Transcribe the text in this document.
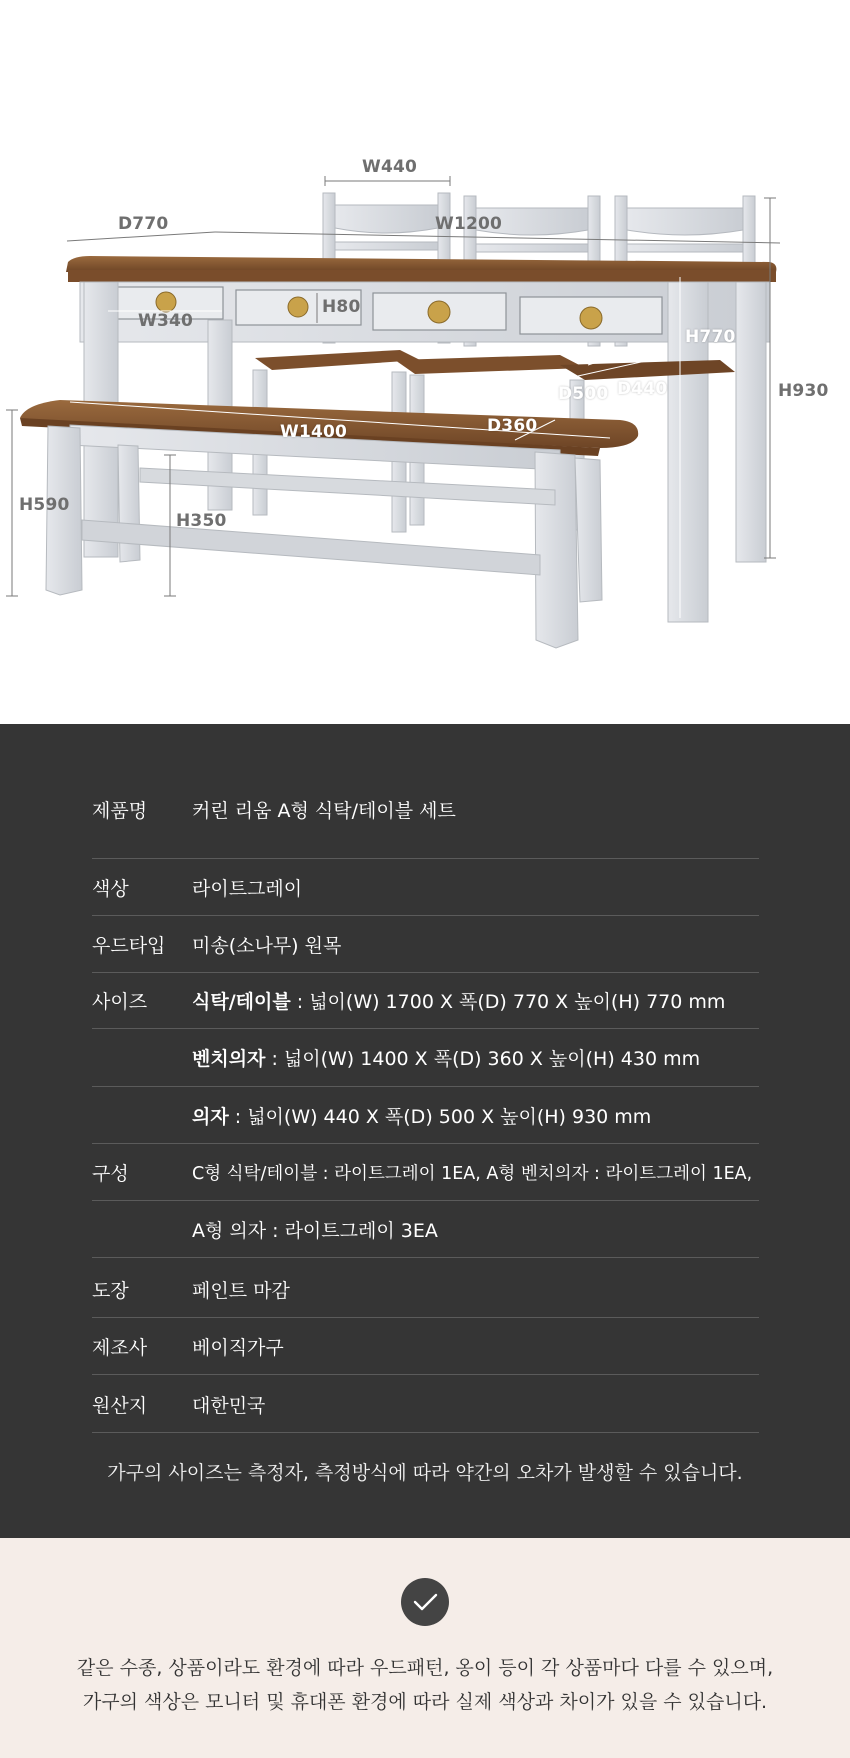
W440
D770	W1200
W340
H80
H770
D500 D440	H930
D360
W1400
H590
H350
제품명 커린 리움 A형 식탁/테이블 세트
색상	라이트그레이
우드타입 미송(소나무) 원목
사이즈 식탁/테이블 : 넓이(W) 1700 X 폭(D) 770 X 높이(H) 770 mm
벤치의자 : 넓이(W) 1400 X 폭(D) 360 X 높이(H) 430 mm
의자 : 넓이(W) 440 X 폭(D) 500 X 높이(H) 930 mm
구성	C형 식탁/테이블 : 라이트그레이 1EA, A형 벤치의자 : 라이트그레이 1EA,
A형 의자 : 라이트그레이 3EA
도장	페인트 마감
제조사 베이직가구
원산지 대한민국
가구의 사이즈는 측정자, 측정방식에 따라 약간의 오차가 발생할 수 있습니다.
같은 수종, 상품이라도 환경에 따라 우드패턴, 옹이 등이 각 상품마다 다를 수 있으며,
가구의 색상은 모니터 및 휴대폰 환경에 따라 실제 색상과 차이가 있을 수 있습니다.
